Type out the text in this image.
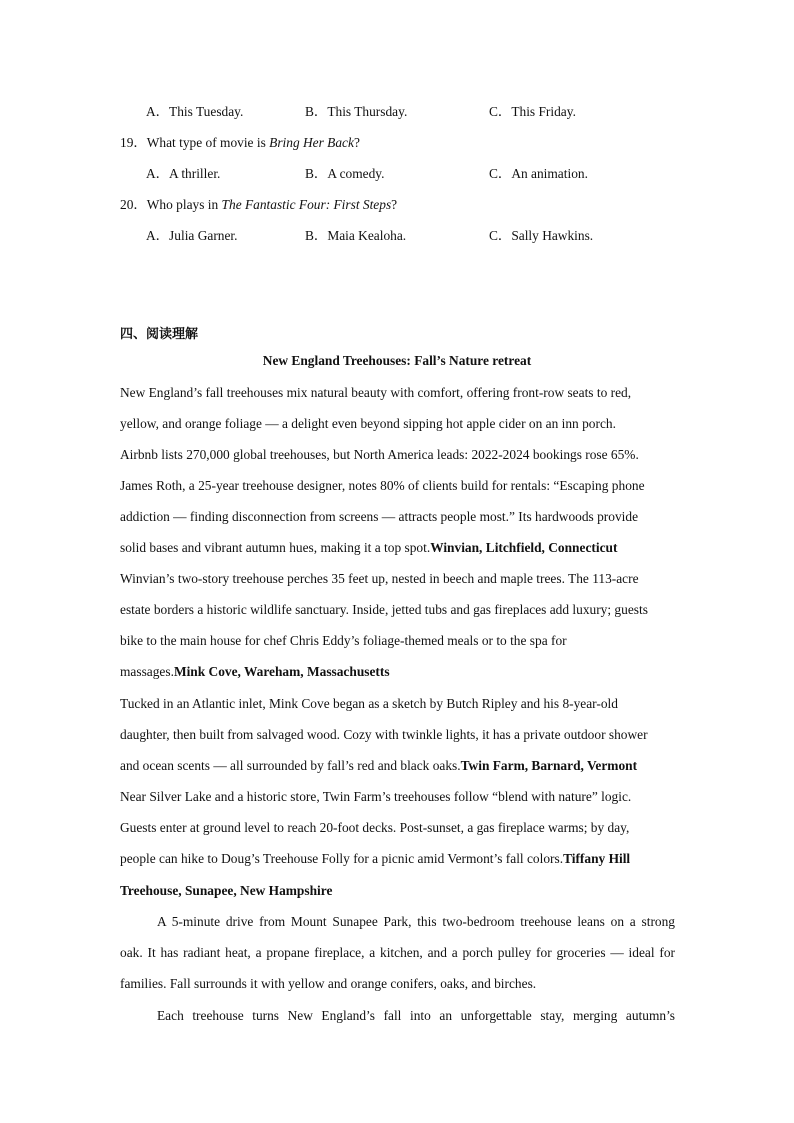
A．This Tuesday.	B．This Thursday.	C．This Friday.
19．What type of movie is Bring Her Back?
A．A thriller.	B．A comedy.	C．An animation.
20．Who plays in The Fantastic Four: First Steps?
A．Julia Garner.	B．Maia Kealoha.	C．Sally Hawkins.
四、阅读理解
New England Treehouses: Fall’s Nature retreat
New England’s fall treehouses mix natural beauty with comfort, offering front-row seats to red,
yellow, and orange foliage — a delight even beyond sipping hot apple cider on an inn porch.
Airbnb lists 270,000 global treehouses, but North America leads: 2022-2024 bookings rose 65%.
James Roth, a 25-year treehouse designer, notes 80% of clients build for rentals: “Escaping phone
addiction — finding disconnection from screens — attracts people most.” Its hardwoods provide
solid bases and vibrant autumn hues, making it a top spot.Winvian, Litchfield, Connecticut
Winvian’s two-story treehouse perches 35 feet up, nested in beech and maple trees. The 113-acre
estate borders a historic wildlife sanctuary. Inside, jetted tubs and gas fireplaces add luxury; guests
bike to the main house for chef Chris Eddy’s foliage-themed meals or to the spa for
massages.Mink Cove, Wareham, Massachusetts
Tucked in an Atlantic inlet, Mink Cove began as a sketch by Butch Ripley and his 8-year-old
daughter, then built from salvaged wood. Cozy with twinkle lights, it has a private outdoor shower
and ocean scents — all surrounded by fall’s red and black oaks.Twin Farm, Barnard, Vermont
Near Silver Lake and a historic store, Twin Farm’s treehouses follow “blend with nature” logic.
Guests enter at ground level to reach 20-foot decks. Post-sunset, a gas fireplace warms; by day,
people can hike to Doug’s Treehouse Folly for a picnic amid Vermont’s fall colors.Tiffany Hill
Treehouse, Sunapee, New Hampshire
A 5-minute drive from Mount Sunapee Park, this two-bedroom treehouse leans on a strong
oak. It has radiant heat, a propane fireplace, a kitchen, and a porch pulley for groceries — ideal for
families. Fall surrounds it with yellow and orange conifers, oaks, and birches.
Each treehouse turns New England’s fall into an unforgettable stay, merging autumn’s
